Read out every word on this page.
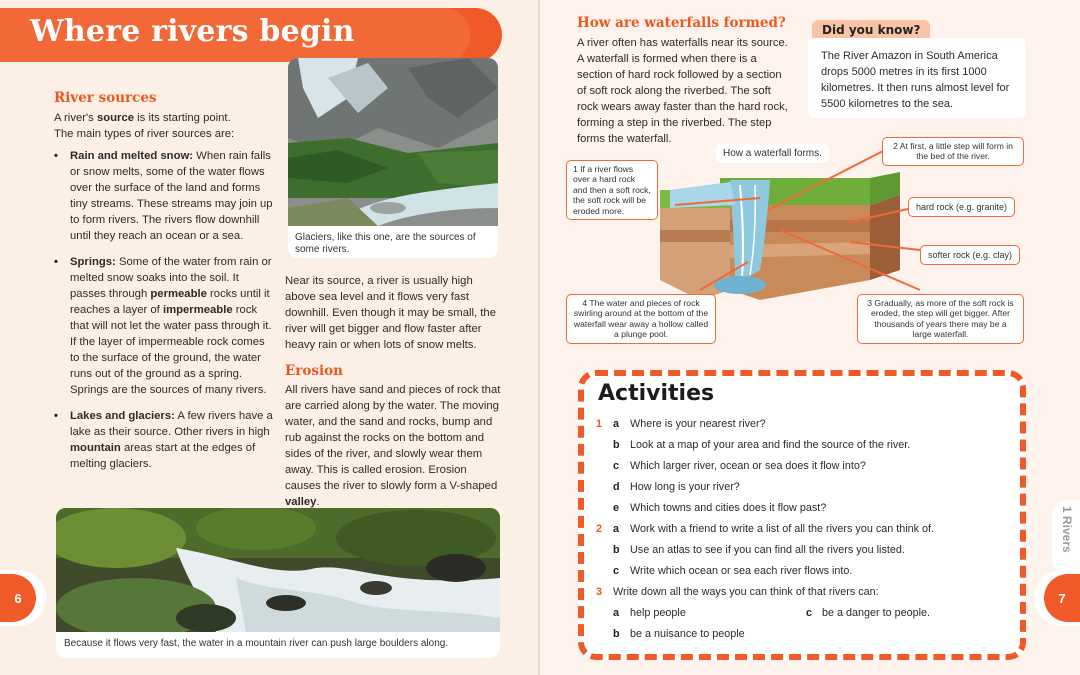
Where rivers begin
River sources
A river's source is its starting point.
The main types of river sources are:
• Rain and melted snow: When rain falls or snow melts, some of the water flows over the surface of the land and forms tiny streams. These streams may join up to form rivers. The rivers flow downhill until they reach an ocean or a sea.
• Springs: Some of the water from rain or melted snow soaks into the soil. It passes through permeable rocks until it reaches a layer of impermeable rock that will not let the water pass through it. If the layer of impermeable rock comes to the surface of the ground, the water runs out of the ground as a spring. Springs are the sources of many rivers.
• Lakes and glaciers: A few rivers have a lake as their source. Other rivers in high mountain areas start at the edges of melting glaciers.
Glaciers, like this one, are the sources of some rivers.
Near its source, a river is usually high above sea level and it flows very fast downhill. Even though it may be small, the river will get bigger and flow faster after heavy rain or when lots of snow melts.
Erosion
All rivers have sand and pieces of rock that are carried along by the water. The moving water, and the sand and rocks, bump and rub against the rocks on the bottom and sides of the river, and slowly wear them away. This is called erosion. Erosion causes the river to slowly form a V-shaped valley.
Because it flows very fast, the water in a mountain river can push large boulders along.
6	7
1 Rivers
How are waterfalls formed?
A river often has waterfalls near its source. A waterfall is formed when there is a section of hard rock followed by a section of soft rock along the riverbed. The soft rock wears away faster than the hard rock, forming a step in the riverbed. The step forms the waterfall.
Did you know?
The River Amazon in South America drops 5000 metres in its first 1000 kilometres. It then runs almost level for 5500 kilometres to the sea.
How a waterfall forms.
1 If a river flows over a hard rock and then a soft rock, the soft rock will be eroded more.
2 At first, a little step will form in the bed of the river.
hard rock (e.g. granite)
softer rock (e.g. clay)
4 The water and pieces of rock swirling around at the bottom of the waterfall wear away a hollow called a plunge pool.
3 Gradually, as more of the soft rock is eroded, the step will get bigger. After thousands of years there may be a large waterfall.
Activities
1 a Where is your nearest river?
b Look at a map of your area and find the source of the river.
c Which larger river, ocean or sea does it flow into?
d How long is your river?
e Which towns and cities does it flow past?
2 a Work with a friend to write a list of all the rivers you can think of.
b Use an atlas to see if you can find all the rivers you listed.
c Write which ocean or sea each river flows into.
3 Write down all the ways you can think of that rivers can:
a help people	c be a danger to people.
b be a nuisance to people
